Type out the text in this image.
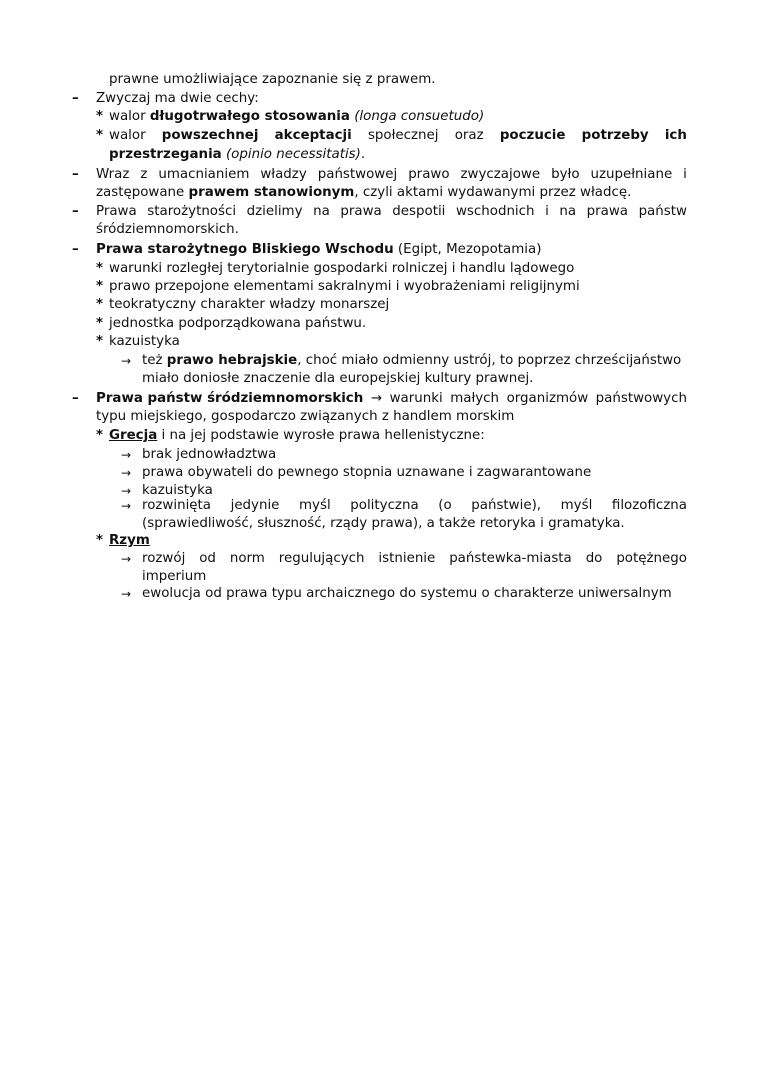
prawne umożliwiające zapoznanie się z prawem.
– Zwyczaj ma dwie cechy:
* walor długotrwałego stosowania (longa consuetudo)
* walor powszechnej akceptacji społecznej oraz poczucie potrzeby ich
przestrzegania (opinio necessitatis).
– Wraz z umacnianiem władzy państwowej prawo zwyczajowe było uzupełniane i
zastępowane prawem stanowionym, czyli aktami wydawanymi przez władcę.
– Prawa starożytności dzielimy na prawa despotii wschodnich i na prawa państw
śródziemnomorskich.
– Prawa starożytnego Bliskiego Wschodu (Egipt, Mezopotamia)
* warunki rozległej terytorialnie gospodarki rolniczej i handlu lądowego
* prawo przepojone elementami sakralnymi i wyobrażeniami religijnymi
* teokratyczny charakter władzy monarszej
* jednostka podporządkowana państwu.
* kazuistyka
→ też prawo hebrajskie, choć miało odmienny ustrój, to poprzez chrześcijaństwo
miało doniosłe znaczenie dla europejskiej kultury prawnej.
– Prawa państw śródziemnomorskich → warunki małych organizmów państwowych
typu miejskiego, gospodarczo związanych z handlem morskim
* Grecja i na jej podstawie wyrosłe prawa hellenistyczne:
→ brak jednowładztwa
→ prawa obywateli do pewnego stopnia uznawane i zagwarantowane
→ kazuistyka
→ rozwinięta jedynie myśl polityczna (o państwie), myśl filozoficzna
(sprawiedliwość, słuszność, rządy prawa), a także retoryka i gramatyka.
* Rzym
→ rozwój od norm regulujących istnienie państewka-miasta do potężnego
imperium
→ ewolucja od prawa typu archaicznego do systemu o charakterze uniwersalnym
